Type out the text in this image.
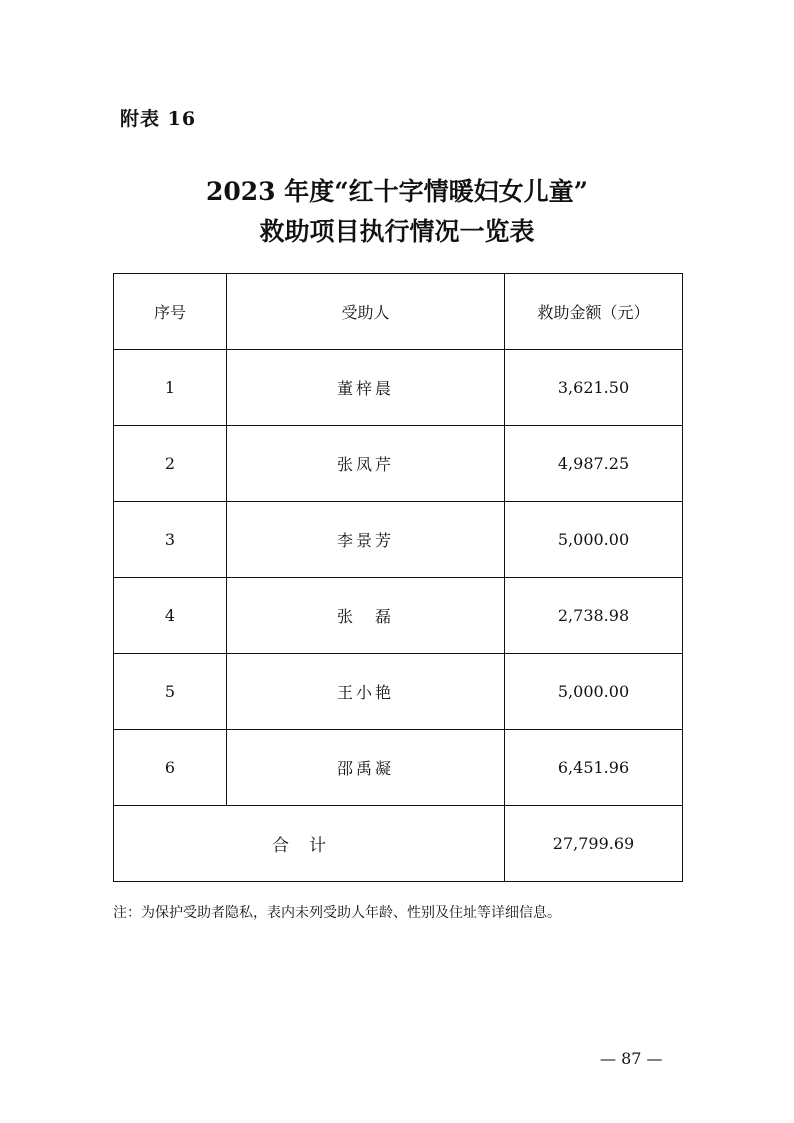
附表 16
2023 年度“红十字情暖妇女儿童”
救助项目执行情况一览表
序号	受助人	救助金额（元）
1	董梓晨	3,621.50
2	张凤芹	4,987.25
3	李景芳	5,000.00
4	张　磊	2,738.98
5	王小艳	5,000.00
6	邵禹凝	6,451.96
合计		27,799.69
注：为保护受助者隐私，表内未列受助人年龄、性别及住址等详细信息。
— 87 —
